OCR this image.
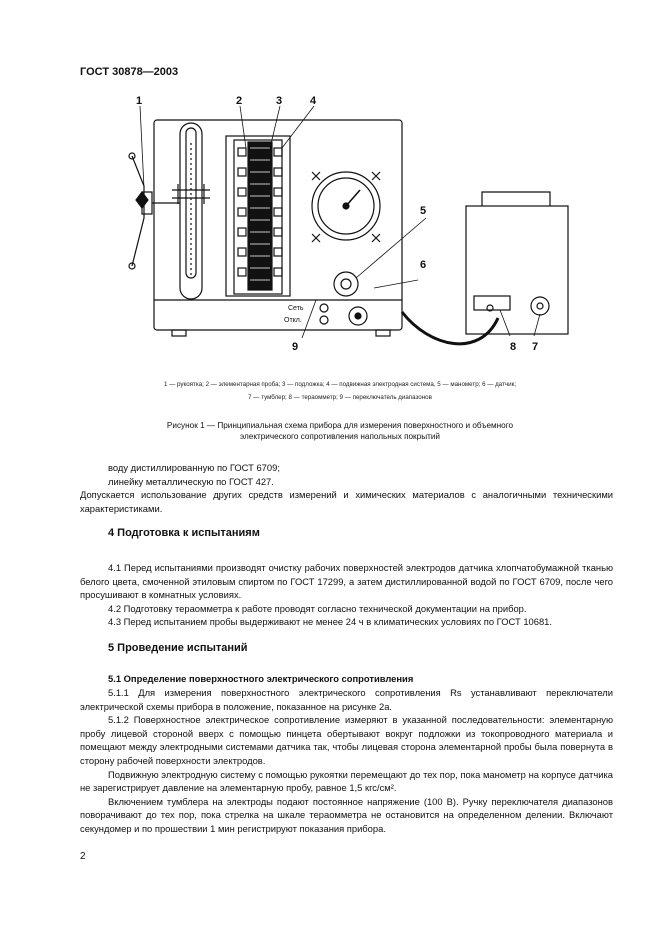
ГОСТ 30878—2003
1	2	3	4
5
6
7
8
9
Сеть
Откл.
1 — рукоятка; 2 — элементарная проба; 3 — подложка; 4 — подвижная электродная система, 5 — манометр; 6 — датчик;
7 — тумблер; 8 — тераомметр; 9 — переключатель диапазонов
Рисунок 1 — Принципиальная схема прибора для измерения поверхностного и объемного
электрического сопротивления напольных покрытий

воду дистиллированную по ГОСТ 6709;

линейку металлическую по ГОСТ 427.

Допускается использование других средств измерений и химических материалов с аналогичными техническими характеристиками.

4 Подготовка к испытаниям

4.1 Перед испытаниями производят очистку рабочих поверхностей электродов датчика хлопчатобумажной тканью белого цвета, смоченной этиловым спиртом по ГОСТ 17299, а затем дистиллированной водой по ГОСТ 6709, после чего просушивают в комнатных условиях.

4.2 Подготовку тераомметра к работе проводят согласно технической документации на прибор.

4.3 Перед испытанием пробы выдерживают не менее 24 ч в климатических условиях по ГОСТ 10681.

5 Проведение испытаний
5.1 Определение поверхностного электрического сопротивления

5.1.1 Для измерения поверхностного электрического сопротивления Rs устанавливают переключатели электрической схемы прибора в положение, показанное на рисунке 2а.

5.1.2 Поверхностное электрическое сопротивление измеряют в указанной последовательности: элементарную пробу лицевой стороной вверх с помощью пинцета обертывают вокруг подложки из токопроводного материала и помещают между электродными системами датчика так, чтобы лицевая сторона элементарной пробы была повернута в сторону рабочей поверхности электродов.

Подвижную электродную систему с помощью рукоятки перемещают до тех пор, пока манометр на корпусе датчика не зарегистрирует давление на элементарную пробу, равное 1,5 кгс/см².

Включением тумблера на электроды подают постоянное напряжение (100 В). Ручку переключателя диапазонов поворачивают до тех пор, пока стрелка на шкале тераомметра не остановится на определенном делении. Включают секундомер и по прошествии 1 мин регистрируют показания прибора.

2
